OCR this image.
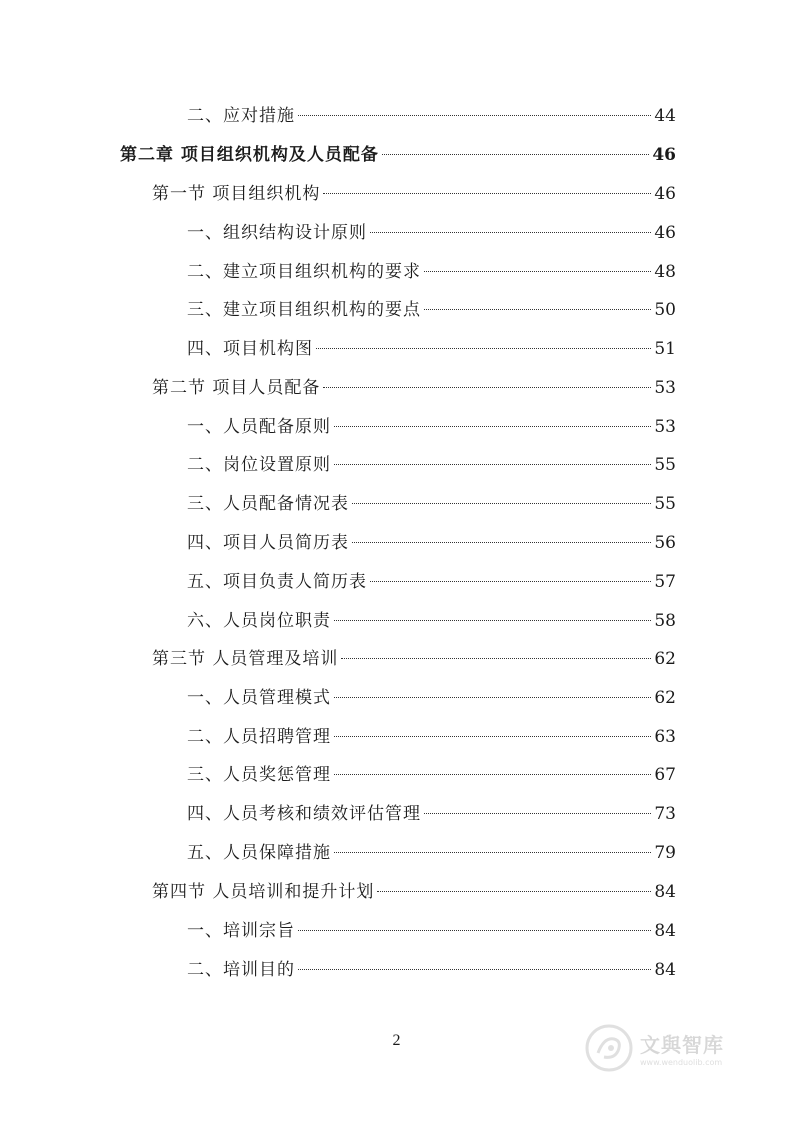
二、应对措施	44
第二章 项目组织机构及人员配备	46
第一节 项目组织机构	46
一、组织结构设计原则	46
二、建立项目组织机构的要求	48
三、建立项目组织机构的要点	50
四、项目机构图	51
第二节 项目人员配备	53
一、人员配备原则	53
二、岗位设置原则	55
三、人员配备情况表	55
四、项目人员简历表	56
五、项目负责人简历表	57
六、人员岗位职责	58
第三节 人员管理及培训	62
一、人员管理模式	62
二、人员招聘管理	63
三、人员奖惩管理	67
四、人员考核和绩效评估管理	73
五、人员保障措施	79
第四节 人员培训和提升计划	84
一、培训宗旨	84
二、培训目的	84
2	文與智库
www.wenduolib.com
